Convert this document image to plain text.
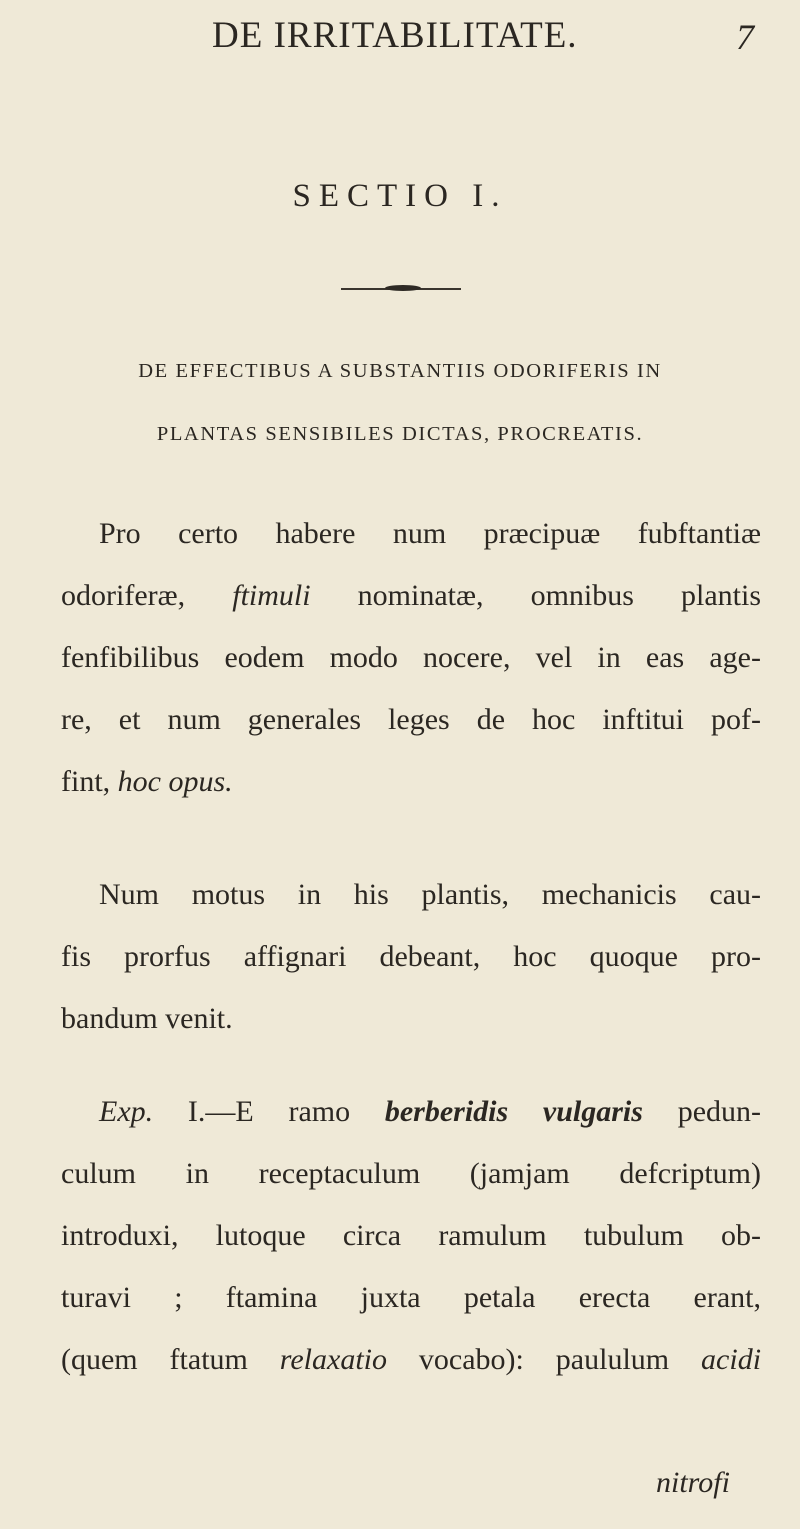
DE IRRITABILITATE.	7
SECTIO I.
DE EFFECTIBUS A SUBSTANTIIS ODORIFERIS IN
PLANTAS SENSIBILES DICTAS, PROCREATIS.
Pro certo habere num præcipuæ fubftantiæ
odoriferæ, ftimuli nominatæ, omnibus plantis
fenfibilibus eodem modo nocere, vel in eas age-
re, et num generales leges de hoc inftitui pof-
fint, hoc opus.
Num motus in his plantis, mechanicis cau-
fis prorfus affignari debeant, hoc quoque pro-
bandum venit.
Exp. I.—E ramo berberidis vulgaris pedun-
culum in receptaculum (jamjam defcriptum)
introduxi, lutoque circa ramulum tubulum ob-
turavi ; ftamina juxta petala erecta erant,
(quem ftatum relaxatio vocabo): paululum acidi
nitrofi
